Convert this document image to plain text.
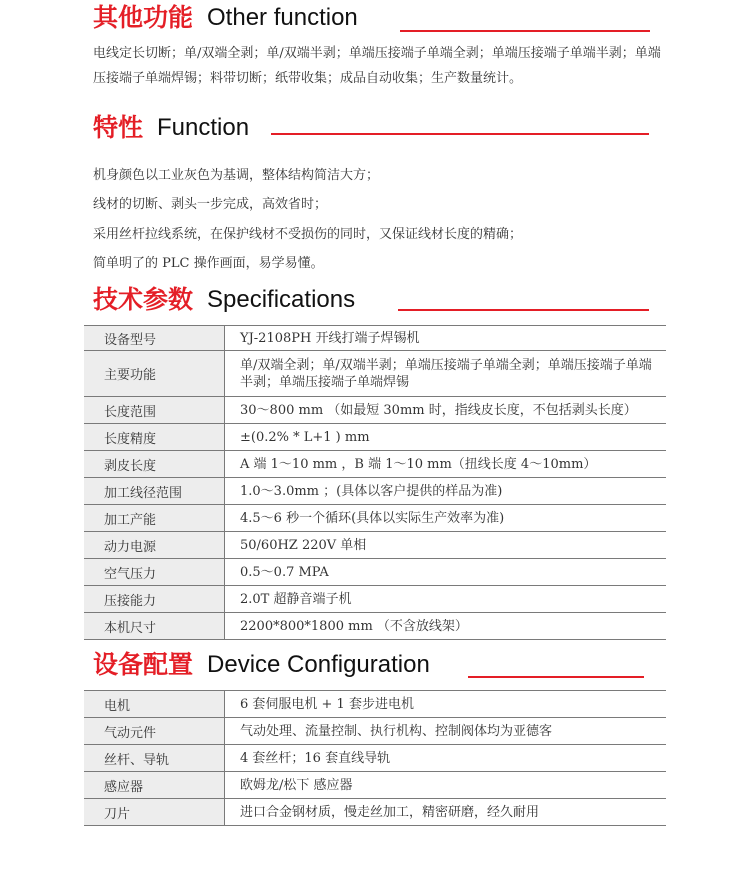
其他功能 Other function

电线定长切断；单/双端全剥；单/双端半剥；单端压接端子单端全剥；单端压接端子单端半剥；单端压接端子单端焊锡；料带切断；纸带收集；成品自动收集；生产数量统计。

特性 Function
机身颜色以工业灰色为基调，整体结构简洁大方；
线材的切断、剥头一步完成，高效省时；
采用丝杆拉线系统，在保护线材不受损伤的同时，又保证线材长度的精确；
简单明了的 PLC 操作画面，易学易懂。
技术参数 Specifications
设备型号	YJ-2108PH 开线打端子焊锡机
主要功能	单/双端全剥；单/双端半剥；单端压接端子单端全剥；单端压接端子单端半剥；单端压接端子单端焊锡
长度范围	30～800 mm （如最短 30mm 时，指线皮长度，不包括剥头长度）
长度精度	±(0.2% * L+1 ) mm
剥皮长度	A 端 1～10 mm ，B 端 1～10 mm（扭线长度 4～10mm）
加工线径范围	1.0～3.0mm ；(具体以客户提供的样品为准)
加工产能	4.5～6 秒一个循环(具体以实际生产效率为准)
动力电源	50/60HZ 220V 单相
空气压力	0.5～0.7 MPA
压接能力	2.0T 超静音端子机
本机尺寸	2200*800*1800 mm （不含放线架）
设备配置 Device Configuration
电机	6 套伺服电机 + 1 套步进电机
气动元件	气动处理、流量控制、执行机构、控制阀体均为亚德客
丝杆、导轨	4 套丝杆；16 套直线导轨
感应器	欧姆龙/松下 感应器
刀片	进口合金钢材质，慢走丝加工，精密研磨，经久耐用
